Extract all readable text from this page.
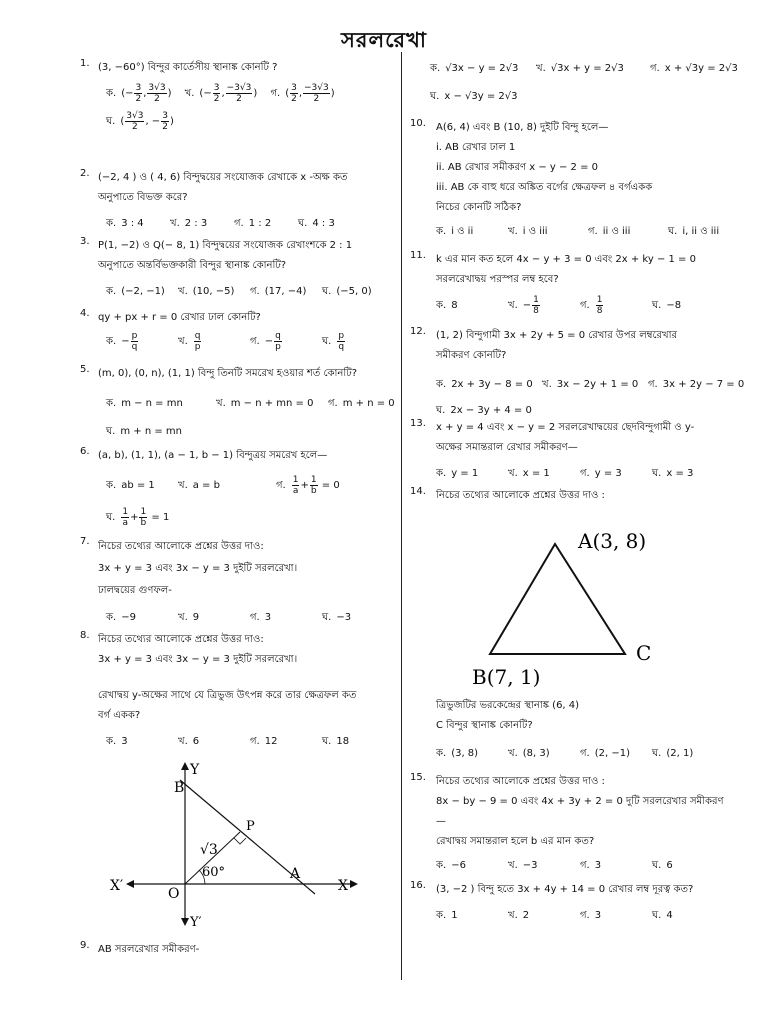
সরলরেখা
1. (3, −60°) বিন্দুর কার্তেসীয় স্থানাঙ্ক কোনটি ?
ক. (− $\frac{3}{2}$ , $\frac{3√3}{2}$ ) খ. (− $\frac{3}{2}$ , $\frac{-3√3}{2}$ ) গ. ( $\frac{3}{2}$ , $\frac{-3√3}{2}$ )
ঘ. ( $\frac{3√3}{2}$ , − $\frac{3}{2}$ )
2. (−2, 4 ) ও ( 4, 6) বিন্দুদ্বয়ের সংযোজক রেখাকে x -অক্ষ কত
অনুপাতে বিভক্ত করে?
ক. 3 : 4	খ. 2 : 3	গ. 1 : 2	ঘ. 4 : 3
3. P(1, −2) ও Q(− 8, 1) বিন্দুদ্বয়ের সংযোজক রেখাংশকে 2 : 1
অনুপাতে অন্তর্বিভক্তকারী বিন্দুর স্থানাঙ্ক কোনটি?
ক. (−2, −1) খ. (10, −5) গ. (17, −4) ঘ. (−5, 0)
4. qy + px + r = 0 রেখার ঢাল কোনটি?
ক. − $\frac{p}{q}$	খ. $\frac{q}{p}$	গ. − $\frac{q}{p}$	ঘ. $\frac{p}{q}$
5. (m, 0), (0, n), (1, 1) বিন্দু তিনটি সমরেখ হওয়ার শর্ত কোনটি?
ক. m − n = mn	খ. m − n + mn = 0 গ. m + n = 0
ঘ. m + n = mn
6. (a, b), (1, 1), (a − 1, b − 1) বিন্দুত্রয় সমরেখ হলে—
ক. ab = 1 খ. a = b	গ. $\frac{1}{a} + \frac{1}{b} = 0$
ঘ. $\frac{1}{a} + \frac{1}{b} = 1$
7. নিচের তথ্যের আলোকে প্রশ্নের উত্তর দাও:
3x + y = 3 এবং 3x − y = 3 দুইটি সরলরেখা।
ঢালদ্বয়ের গুণফল-
ক. −9	খ. 9	গ. 3	ঘ. −3
8. নিচের তথ্যের আলোকে প্রশ্নের উত্তর দাও:
3x + y = 3 এবং 3x − y = 3 দুইটি সরলরেখা।
রেখাদ্বয় y-অক্ষের সাথে যে ত্রিভুজ উৎপন্ন করে তার ক্ষেত্রফল কত
বর্গ একক?
ক. 3	খ. 6	গ. 12	ঘ. 18
Y
Y′
X
X′	O
B
P
A
60°
√3
9. AB সরলরেখার সমীকরণ-
ক. √3x − y = 2√3 খ. √3x + y = 2√3	গ. x + √3y = 2√3
ঘ. x − √3y = 2√3
10. A(6, 4) এবং B (10, 8) দুইটি বিন্দু হলে—
i. AB রেখার ঢাল 1
ii. AB রেখার সমীকরণ x − y − 2 = 0
iii. AB কে বাহু ধরে অঙ্কিত বর্গের ক্ষেত্রফল ৪ বর্গএকক
নিচের কোনটি সঠিক?
ক. i ও ii	খ. i ও iii	গ. ii ও iii	ঘ. i, ii ও iii
11. k এর মান কত হলে 4x − y + 3 = 0 এবং 2x + ky − 1 = 0
সরলরেখাদ্বয় পরস্পর লম্ব হবে?
ক. 8	খ. − $\frac{1}{8}$	গ. $\frac{1}{8}$	ঘ. −8
12. (1, 2) বিন্দুগামী 3x + 2y + 5 = 0 রেখার উপর লম্বরেখার
সমীকরণ কোনটি?
ক. 2x + 3y − 8 = 0 খ. 3x − 2y + 1 = 0 গ. 3x + 2y − 7 = 0
ঘ. 2x − 3y + 4 = 0
13. x + y = 4 এবং x − y = 2 সরলরেখাদ্বয়ের ছেদবিন্দুগামী ও y-
অক্ষের সমান্তরাল রেখার সমীকরণ—
ক. y = 1	খ. x = 1	গ. y = 3	ঘ. x = 3
14. নিচের তথ্যের আলোকে প্রশ্নের উত্তর দাও :
A(3, 8)
B(7, 1)
C
ত্রিভুজটির ভরকেন্দ্রের স্থানাঙ্ক (6, 4)
C বিন্দুর স্থানাঙ্ক কোনটি?
ক. (3, 8)	খ. (8, 3)	গ. (2, −1) ঘ. (2, 1)
15. নিচের তথ্যের আলোকে প্রশ্নের উত্তর দাও :
8x − by − 9 = 0 এবং 4x + 3y + 2 = 0 দুটি সরলরেখার সমীকরণ
—
রেখাদ্বয় সমান্তরাল হলে b এর মান কত?
ক. −6	খ. −3	গ. 3	ঘ. 6
16. (3, −2 ) বিন্দু হতে 3x + 4y + 14 = 0 রেখার লম্ব দূরত্ব কত?
ক. 1	খ. 2	গ. 3	ঘ. 4
